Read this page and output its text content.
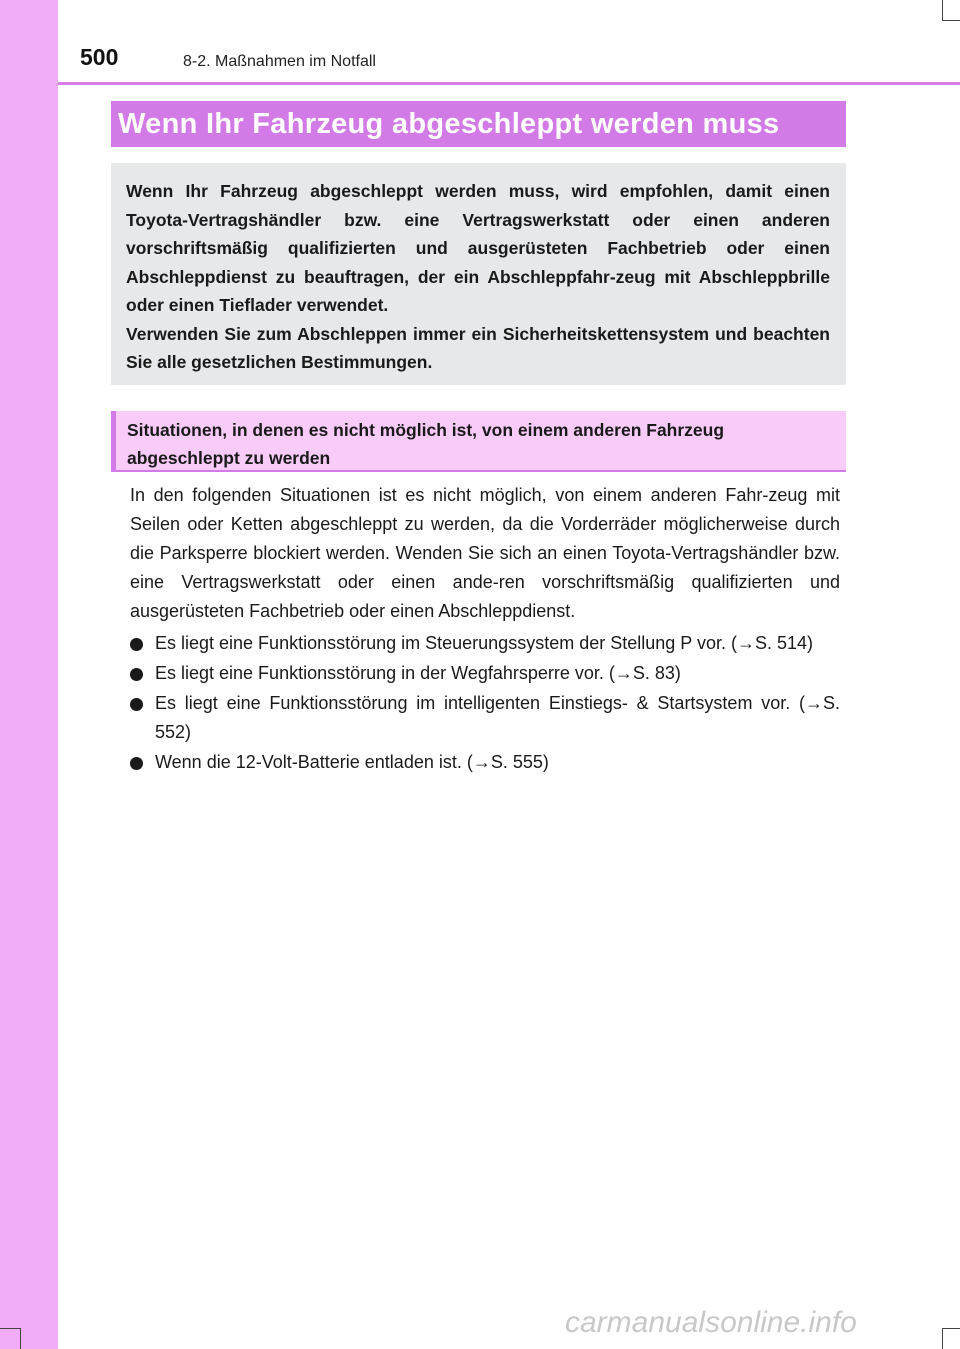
500	8-2. Maßnahmen im Notfall
Wenn Ihr Fahrzeug abgeschleppt werden muss

Wenn Ihr Fahrzeug abgeschleppt werden muss, wird empfohlen, damit einen Toyota-Vertragshändler bzw. eine Vertragswerkstatt oder einen anderen vorschriftsmäßig qualifizierten und ausgerüsteten Fachbetrieb oder einen Abschleppdienst zu beauftragen, der ein Abschleppfahr-zeug mit Abschleppbrille oder einen Tieflader verwendet.

Verwenden Sie zum Abschleppen immer ein Sicherheitskettensystem und beachten Sie alle gesetzlichen Bestimmungen.

Situationen, in denen es nicht möglich ist, von einem anderen Fahrzeug
abgeschleppt zu werden

In den folgenden Situationen ist es nicht möglich, von einem anderen Fahr-zeug mit Seilen oder Ketten abgeschleppt zu werden, da die Vorderräder möglicherweise durch die Parksperre blockiert werden. Wenden Sie sich an einen Toyota-Vertragshändler bzw. eine Vertragswerkstatt oder einen ande-ren vorschriftsmäßig qualifizierten und ausgerüsteten Fachbetrieb oder einen Abschleppdienst.

Es liegt eine Funktionsstörung im Steuerungssystem der Stellung P vor. (→S. 514)
Es liegt eine Funktionsstörung in der Wegfahrsperre vor. (→S. 83)
Es liegt eine Funktionsstörung im intelligenten Einstiegs- & Startsystem vor. (→S. 552)
Wenn die 12-Volt-Batterie entladen ist. (→S. 555)
carmanualsonline.info
